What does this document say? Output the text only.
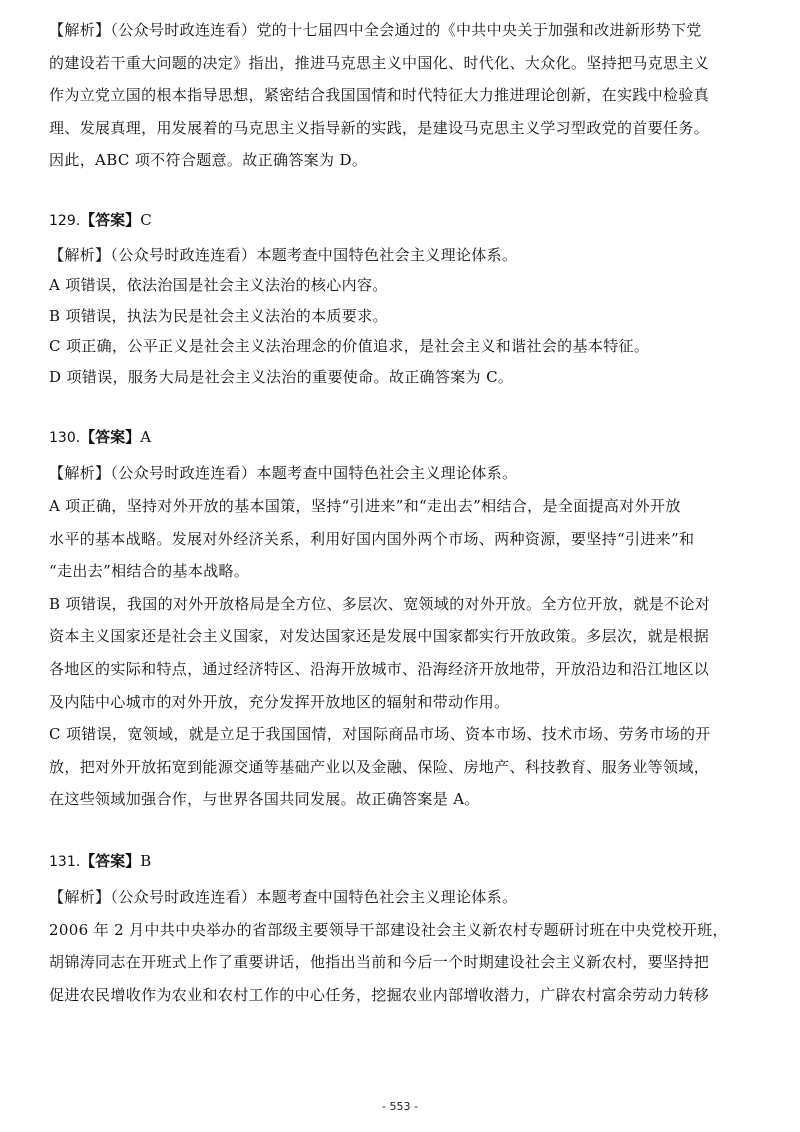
【解析】（公众号时政连连看）党的十七届四中全会通过的《中共中央关于加强和改进新形势下党

的建设若干重大问题的决定》指出，推进马克思主义中国化、时代化、大众化。坚持把马克思主义

作为立党立国的根本指导思想，紧密结合我国国情和时代特征大力推进理论创新，在实践中检验真

理、发展真理，用发展着的马克思主义指导新的实践，是建设马克思主义学习型政党的首要任务。

因此，ABC 项不符合题意。故正确答案为 D。

129.【答案】C

【解析】（公众号时政连连看）本题考查中国特色社会主义理论体系。

A 项错误，依法治国是社会主义法治的核心内容。

B 项错误，执法为民是社会主义法治的本质要求。

C 项正确，公平正义是社会主义法治理念的价值追求，是社会主义和谐社会的基本特征。

D 项错误，服务大局是社会主义法治的重要使命。故正确答案为 C。

130.【答案】A

【解析】（公众号时政连连看）本题考查中国特色社会主义理论体系。

A 项正确，坚持对外开放的基本国策，坚持“引进来”和“走出去”相结合，是全面提高对外开放

水平的基本战略。发展对外经济关系，利用好国内国外两个市场、两种资源，要坚持“引进来”和

“走出去”相结合的基本战略。

B 项错误，我国的对外开放格局是全方位、多层次、宽领域的对外开放。全方位开放，就是不论对

资本主义国家还是社会主义国家，对发达国家还是发展中国家都实行开放政策。多层次，就是根据

各地区的实际和特点，通过经济特区、沿海开放城市、沿海经济开放地带，开放沿边和沿江地区以

及内陆中心城市的对外开放，充分发挥开放地区的辐射和带动作用。

C 项错误，宽领域，就是立足于我国国情，对国际商品市场、资本市场、技术市场、劳务市场的开

放，把对外开放拓宽到能源交通等基础产业以及金融、保险、房地产、科技教育、服务业等领域，

在这些领域加强合作，与世界各国共同发展。故正确答案是 A。

131.【答案】B

【解析】（公众号时政连连看）本题考查中国特色社会主义理论体系。

2006 年 2 月中共中央举办的省部级主要领导干部建设社会主义新农村专题研讨班在中央党校开班，

胡锦涛同志在开班式上作了重要讲话，他指出当前和今后一个时期建设社会主义新农村，要坚持把

促进农民增收作为农业和农村工作的中心任务，挖掘农业内部增收潜力，广辟农村富余劳动力转移

- 553 -
